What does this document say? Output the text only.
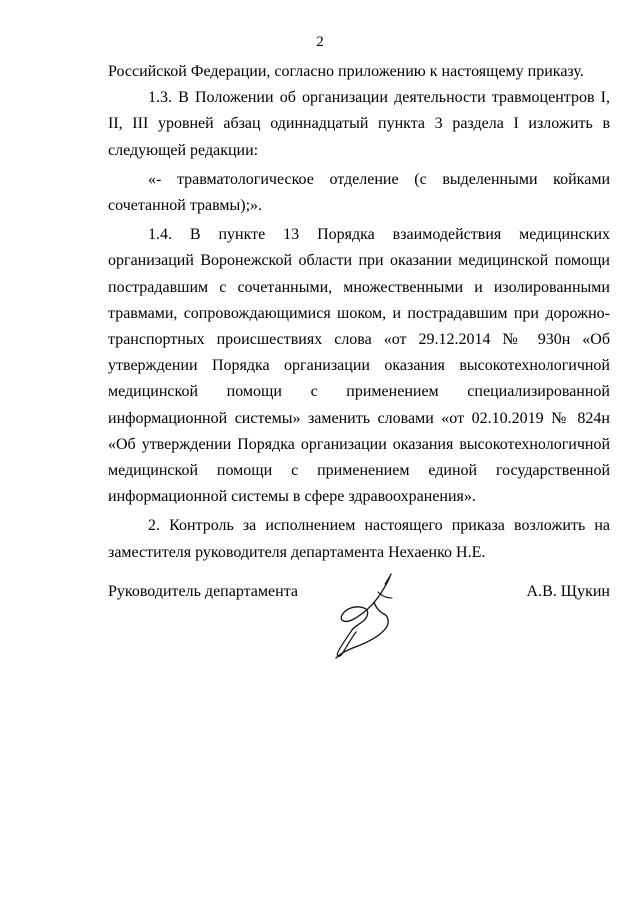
2

Российской Федерации, согласно приложению к настоящему приказу.

1.3. В Положении об организации деятельности травмоцентров I, II, III уровней абзац одиннадцатый пункта 3 раздела I изложить в следующей редакции:

«- травматологическое отделение (с выделенными койками сочетанной травмы);».

1.4. В пункте 13 Порядка взаимодействия медицинских организаций Воронежской области при оказании медицинской помощи пострадавшим с сочетанными, множественными и изолированными травмами, сопровождающимися шоком, и пострадавшим при дорожно-транспортных происшествиях слова «от 29.12.2014 № 930н «Об утверждении Порядка организации оказания высокотехнологичной медицинской помощи с применением специализированной информационной системы» заменить словами «от 02.10.2019 № 824н «Об утверждении Порядка организации оказания высокотехнологичной медицинской помощи с применением единой государственной информационной системы в сфере здравоохранения».

2. Контроль за исполнением настоящего приказа возложить на заместителя руководителя департамента Нехаенко Н.Е.

Руководитель департамента	А.В. Щукин
